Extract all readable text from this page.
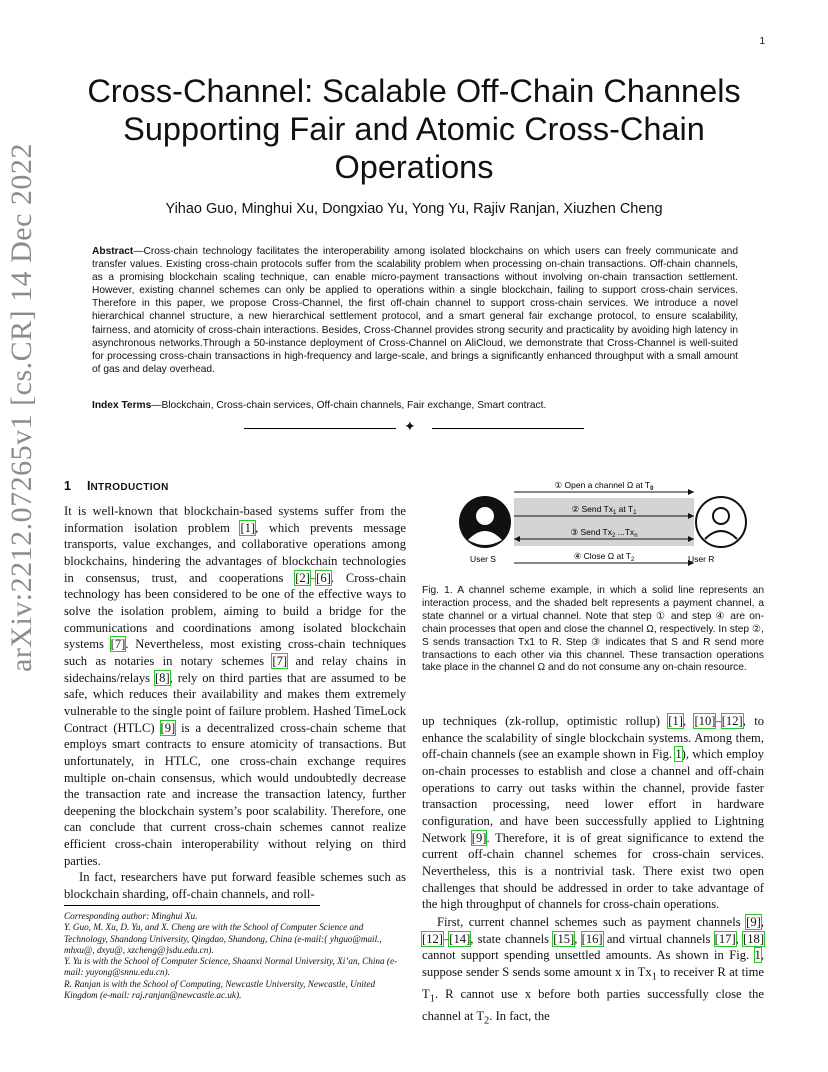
1
arXiv:2212.07265v1 [cs.CR] 14 Dec 2022
Cross-Channel: Scalable Off-Chain Channels Supporting Fair and Atomic Cross-Chain Operations
Yihao Guo, Minghui Xu, Dongxiao Yu, Yong Yu, Rajiv Ranjan, Xiuzhen Cheng
Abstract—Cross-chain technology facilitates the interoperability among isolated blockchains on which users can freely communicate and transfer values. Existing cross-chain protocols suffer from the scalability problem when processing on-chain transactions. Off-chain channels, as a promising blockchain scaling technique, can enable micro-payment transactions without involving on-chain transaction settlement. However, existing channel schemes can only be applied to operations within a single blockchain, failing to support cross-chain services. Therefore in this paper, we propose Cross-Channel, the first off-chain channel to support cross-chain services. We introduce a novel hierarchical channel structure, a new hierarchical settlement protocol, and a smart general fair exchange protocol, to ensure scalability, fairness, and atomicity of cross-chain interactions. Besides, Cross-Channel provides strong security and practicality by avoiding high latency in asynchronous networks.Through a 50-instance deployment of Cross-Channel on AliCloud, we demonstrate that Cross-Channel is well-suited for processing cross-chain transactions in high-frequency and large-scale, and brings a significantly enhanced throughput with a small amount of gas and delay overhead.
Index Terms—Blockchain, Cross-chain services, Off-chain channels, Fair exchange, Smart contract.
✦
1 INTRODUCTION

It is well-known that blockchain-based systems suffer from the information isolation problem [1], which prevents message transports, value exchanges, and collaborative operations among blockchains, hindering the advantages of blockchain technologies in consensus, trust, and cooperations [2]–[6]. Cross-chain technology has been considered to be one of the effective ways to solve the isolation problem, aiming to build a bridge for the communications and coordinations among isolated blockchain systems [7]. Nevertheless, most existing cross-chain techniques such as notaries in notary schemes [7] and relay chains in sidechains/relays [8], rely on third parties that are assumed to be safe, which reduces their availability and makes them extremely vulnerable to the single point of failure problem. Hashed TimeLock Contract (HTLC) [9] is a decentralized cross-chain scheme that employs smart contracts to ensure atomicity of transactions. But unfortunately, in HTLC, one cross-chain exchange requires multiple on-chain consensus, which would undoubtedly decrease the transaction rate and increase the transaction latency, further deepening the blockchain system’s poor scalability. Therefore, one can conclude that current cross-chain schemes cannot realize efficient cross-chain interoperability without relying on third parties.

In fact, researchers have put forward feasible schemes such as blockchain sharding, off-chain channels, and roll-

Corresponding author: Minghui Xu.

Y. Guo, M. Xu, D. Yu, and X. Cheng are with the School of Computer Science and Technology, Shandong University, Qingdao, Shandong, China (e-mail:{ yhguo@mail., mhxu@, dxyu@, xzcheng@}sdu.edu.cn).

Y. Yu is with the School of Computer Science, Shaanxi Normal University, Xi’an, China (e-mail: yuyong@snnu.edu.cn).

R. Ranjan is with the School of Computing, Newcastle University, Newcastle, United Kingdom (e-mail: raj.ranjan@newcastle.ac.uk).

① Open a channel Ω at $T_0$
② Send $Tx_1$ at $T_1$
③ Send $Tx_2$ $...Tx_n$
④ Close Ω at $T_2$
User S	User R
Fig. 1. A channel scheme example, in which a solid line represents an interaction process, and the shaded belt represents a payment channel, a state channel or a virtual channel. Note that step ① and step ④ are on-chain processes that open and close the channel Ω, respectively. In step ②, S sends transaction Tx1 to R. Step ③ indicates that S and R send more transactions to each other via this channel. These transaction operations take place in the channel Ω and do not consume any on-chain resource.

up techniques (zk-rollup, optimistic rollup) [1], [10]–[12], to enhance the scalability of single blockchain systems. Among them, off-chain channels (see an example shown in Fig. 1), which employ on-chain processes to establish and close a channel and off-chain operations to carry out tasks within the channel, provide faster transaction processing, need lower effort in hardware configuration, and have been successfully applied to Lightning Network [9]. Therefore, it is of great significance to extend the current off-chain channel schemes for cross-chain services. Nevertheless, this is a nontrivial task. There exist two open challenges that should be addressed in order to take advantage of the high throughput of channels for cross-chain operations.

First, current channel schemes such as payment channels [9], [12]–[14], state channels [15], [16] and virtual channels [17], [18] cannot support spending unsettled amounts. As shown in Fig. 1, suppose sender S sends some amount x in $Tx_1$ to receiver R at time $T_1$. R cannot use x before both parties successfully close the channel at $T_2$. In fact, the
